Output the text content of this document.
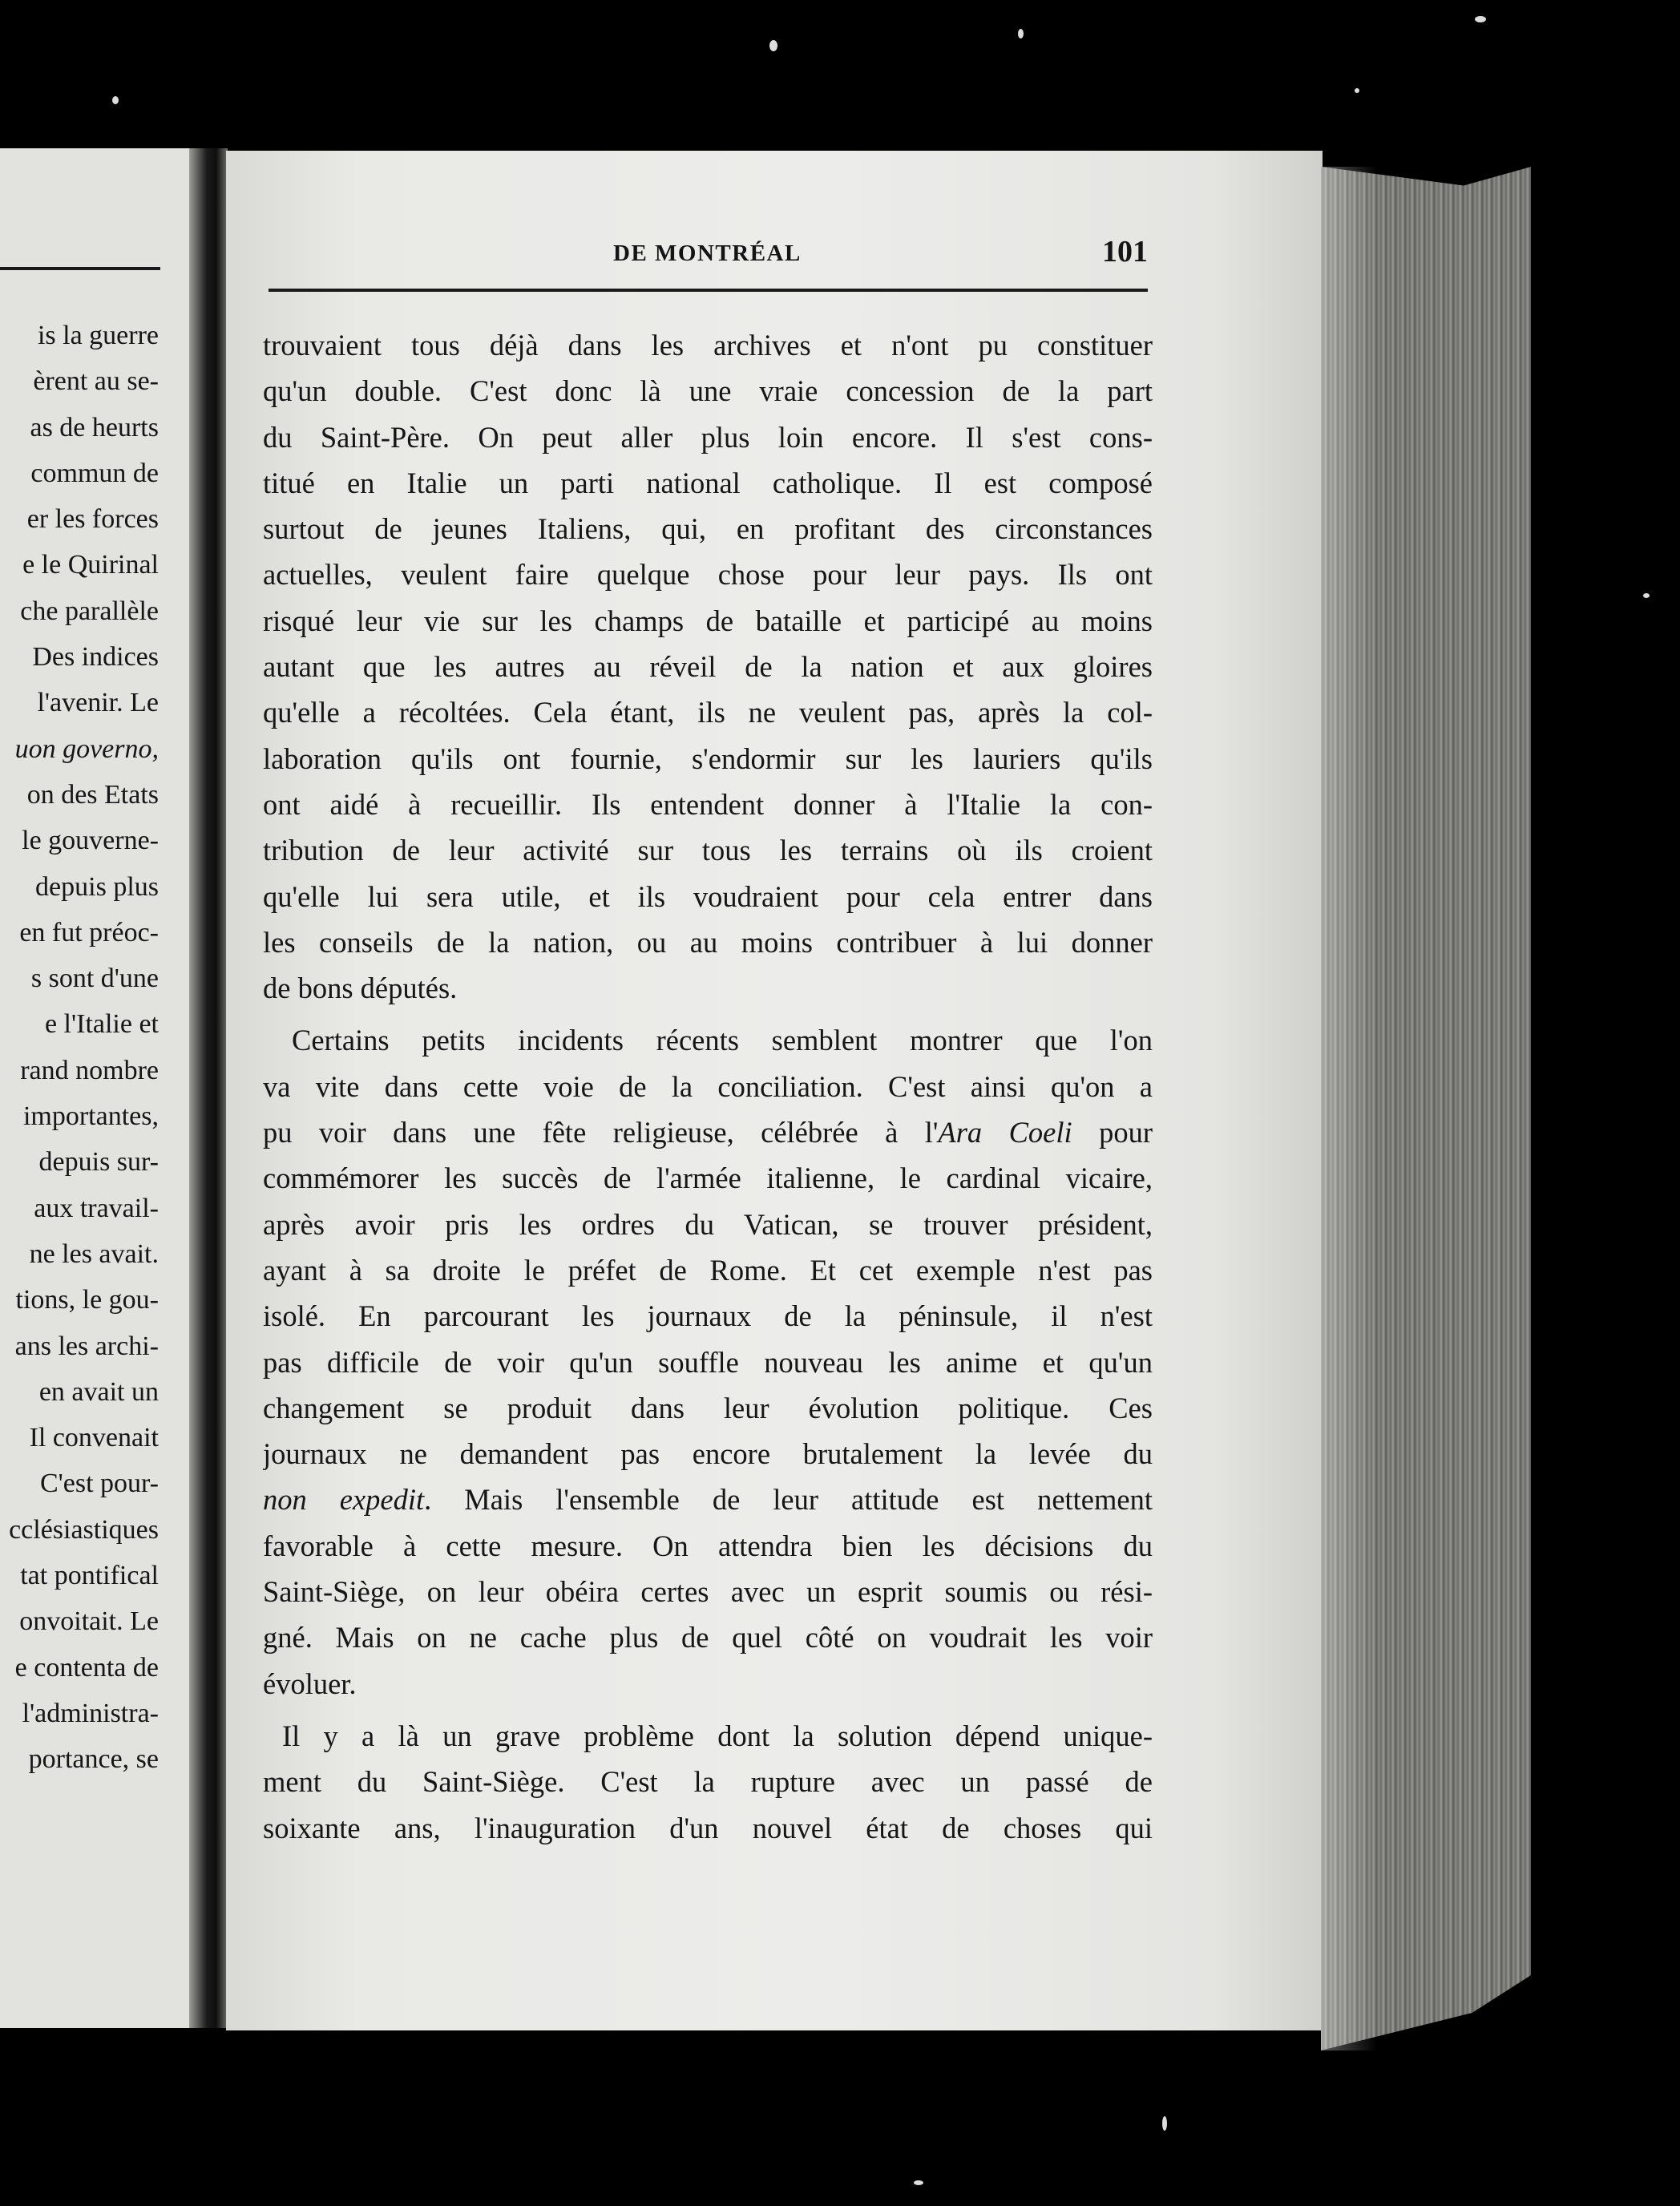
is la guerre
èrent au se-
as de heurts
commun de
er les forces
e le Quirinal
che parallèle
Des indices
l'avenir. Le
uon governo,
on des Etats
le gouverne-
depuis plus
en fut préoc-
s sont d'une
e l'Italie et
rand nombre
importantes,
depuis sur-
aux travail-
ne les avait.
tions, le gou-
ans les archi-
en avait un
Il convenait
C'est pour-
cclésiastiques
tat pontifical
onvoitait. Le
e contenta de
l'administra-
portance, se
DE MONTRÉAL	101
trouvaient tous déjà dans les archives et n'ont pu constituer
qu'un double. C'est donc là une vraie concession de la part
du Saint-Père. On peut aller plus loin encore. Il s'est cons-
titué en Italie un parti national catholique. Il est composé
surtout de jeunes Italiens, qui, en profitant des circonstances
actuelles, veulent faire quelque chose pour leur pays. Ils ont
risqué leur vie sur les champs de bataille et participé au moins
autant que les autres au réveil de la nation et aux gloires
qu'elle a récoltées. Cela étant, ils ne veulent pas, après la col-
laboration qu'ils ont fournie, s'endormir sur les lauriers qu'ils
ont aidé à recueillir. Ils entendent donner à l'Italie la con-
tribution de leur activité sur tous les terrains où ils croient
qu'elle lui sera utile, et ils voudraient pour cela entrer dans
les conseils de la nation, ou au moins contribuer à lui donner
de bons députés.
Certains petits incidents récents semblent montrer que l'on
va vite dans cette voie de la conciliation. C'est ainsi qu'on a
pu voir dans une fête religieuse, célébrée à l'Ara Coeli pour
commémorer les succès de l'armée italienne, le cardinal vicaire,
après avoir pris les ordres du Vatican, se trouver président,
ayant à sa droite le préfet de Rome. Et cet exemple n'est pas
isolé. En parcourant les journaux de la péninsule, il n'est
pas difficile de voir qu'un souffle nouveau les anime et qu'un
changement se produit dans leur évolution politique. Ces
journaux ne demandent pas encore brutalement la levée du
non expedit. Mais l'ensemble de leur attitude est nettement
favorable à cette mesure. On attendra bien les décisions du
Saint-Siège, on leur obéira certes avec un esprit soumis ou rési-
gné. Mais on ne cache plus de quel côté on voudrait les voir
évoluer.
Il y a là un grave problème dont la solution dépend unique-
ment du Saint-Siège. C'est la rupture avec un passé de
soixante ans, l'inauguration d'un nouvel état de choses qui
